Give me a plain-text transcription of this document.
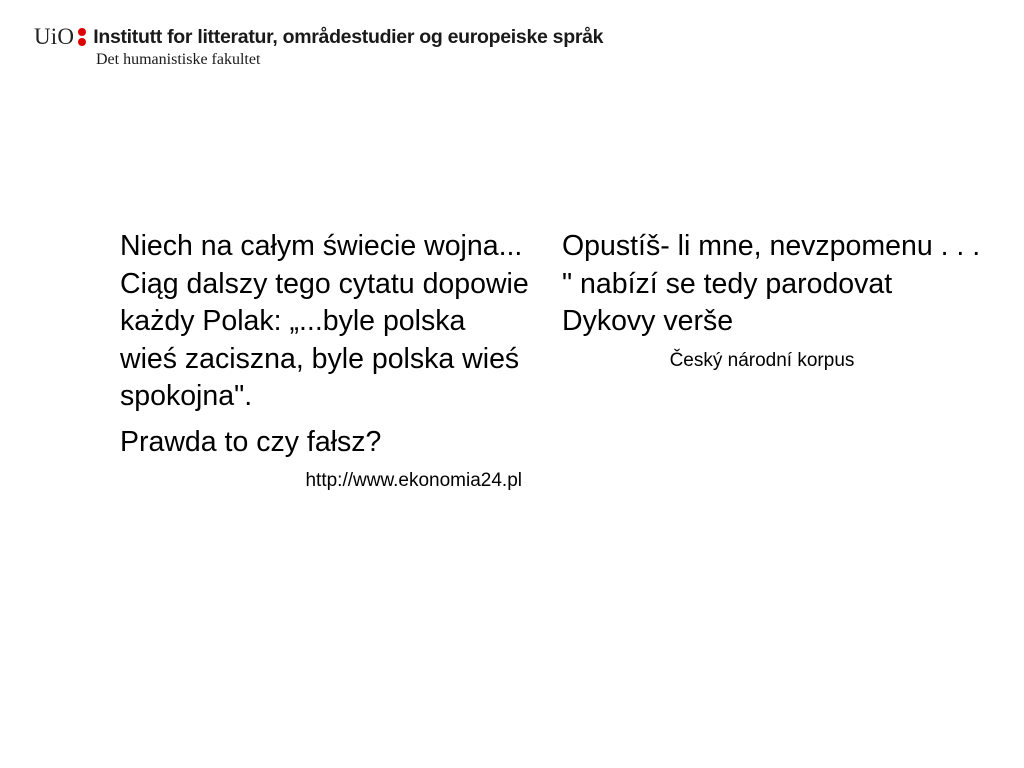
UiO Institutt for litteratur, områdestudier og europeiske språk
Det humanistiske fakultet

Niech na całym świecie wojna... Ciąg dalszy tego cytatu dopowie każdy Polak: „...byle polska wieś zaciszna, byle polska wieś spokojna".

Prawda to czy fałsz?

http://www.ekonomia24.pl

Opustíš- li mne, nevzpomenu . . . " nabízí se tedy parodovat Dykovy verše

Český národní korpus
